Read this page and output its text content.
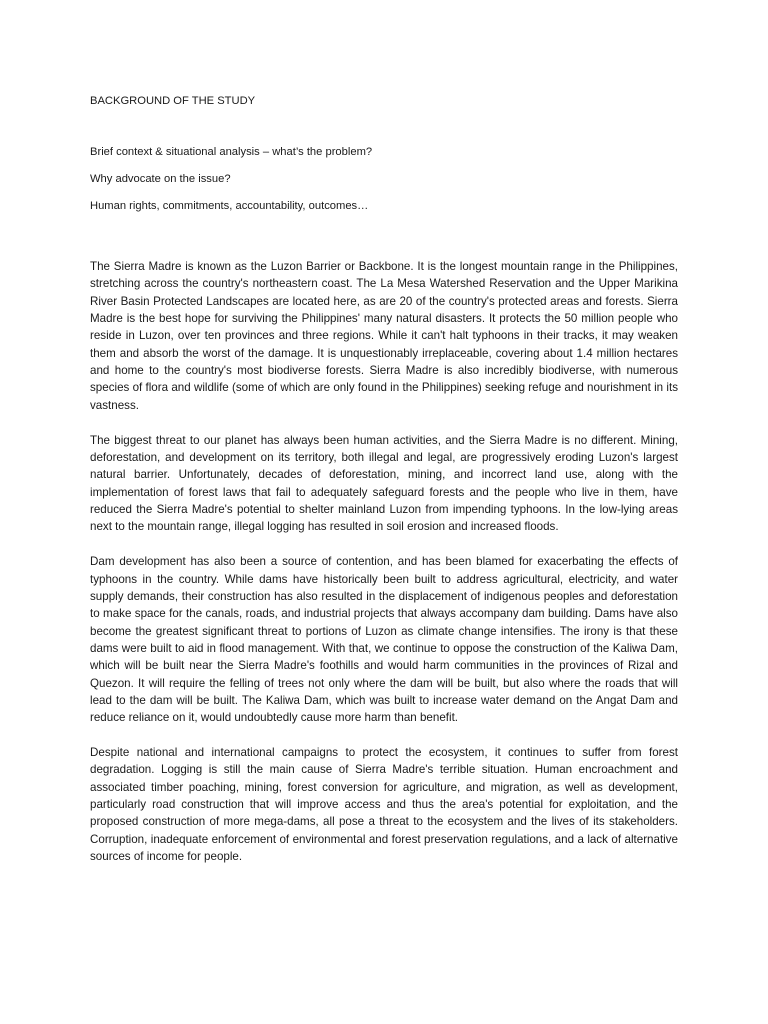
BACKGROUND OF THE STUDY

Brief context & situational analysis – what’s the problem?

Why advocate on the issue?

Human rights, commitments, accountability, outcomes…

The Sierra Madre is known as the Luzon Barrier or Backbone. It is the longest mountain range in the Philippines, stretching across the country's northeastern coast. The La Mesa Watershed Reservation and the Upper Marikina River Basin Protected Landscapes are located here, as are 20 of the country's protected areas and forests. Sierra Madre is the best hope for surviving the Philippines' many natural disasters. It protects the 50 million people who reside in Luzon, over ten provinces and three regions. While it can't halt typhoons in their tracks, it may weaken them and absorb the worst of the damage. It is unquestionably irreplaceable, covering about 1.4 million hectares and home to the country's most biodiverse forests. Sierra Madre is also incredibly biodiverse, with numerous species of flora and wildlife (some of which are only found in the Philippines) seeking refuge and nourishment in its vastness.

The biggest threat to our planet has always been human activities, and the Sierra Madre is no different. Mining, deforestation, and development on its territory, both illegal and legal, are progressively eroding Luzon's largest natural barrier. Unfortunately, decades of deforestation, mining, and incorrect land use, along with the implementation of forest laws that fail to adequately safeguard forests and the people who live in them, have reduced the Sierra Madre's potential to shelter mainland Luzon from impending typhoons. In the low-lying areas next to the mountain range, illegal logging has resulted in soil erosion and increased floods.

Dam development has also been a source of contention, and has been blamed for exacerbating the effects of typhoons in the country. While dams have historically been built to address agricultural, electricity, and water supply demands, their construction has also resulted in the displacement of indigenous peoples and deforestation to make space for the canals, roads, and industrial projects that always accompany dam building. Dams have also become the greatest significant threat to portions of Luzon as climate change intensifies. The irony is that these dams were built to aid in flood management. With that, we continue to oppose the construction of the Kaliwa Dam, which will be built near the Sierra Madre's foothills and would harm communities in the provinces of Rizal and Quezon. It will require the felling of trees not only where the dam will be built, but also where the roads that will lead to the dam will be built. The Kaliwa Dam, which was built to increase water demand on the Angat Dam and reduce reliance on it, would undoubtedly cause more harm than benefit.

Despite national and international campaigns to protect the ecosystem, it continues to suffer from forest degradation. Logging is still the main cause of Sierra Madre's terrible situation. Human encroachment and associated timber poaching, mining, forest conversion for agriculture, and migration, as well as development, particularly road construction that will improve access and thus the area's potential for exploitation, and the proposed construction of more mega-dams, all pose a threat to the ecosystem and the lives of its stakeholders. Corruption, inadequate enforcement of environmental and forest preservation regulations, and a lack of alternative sources of income for people.
